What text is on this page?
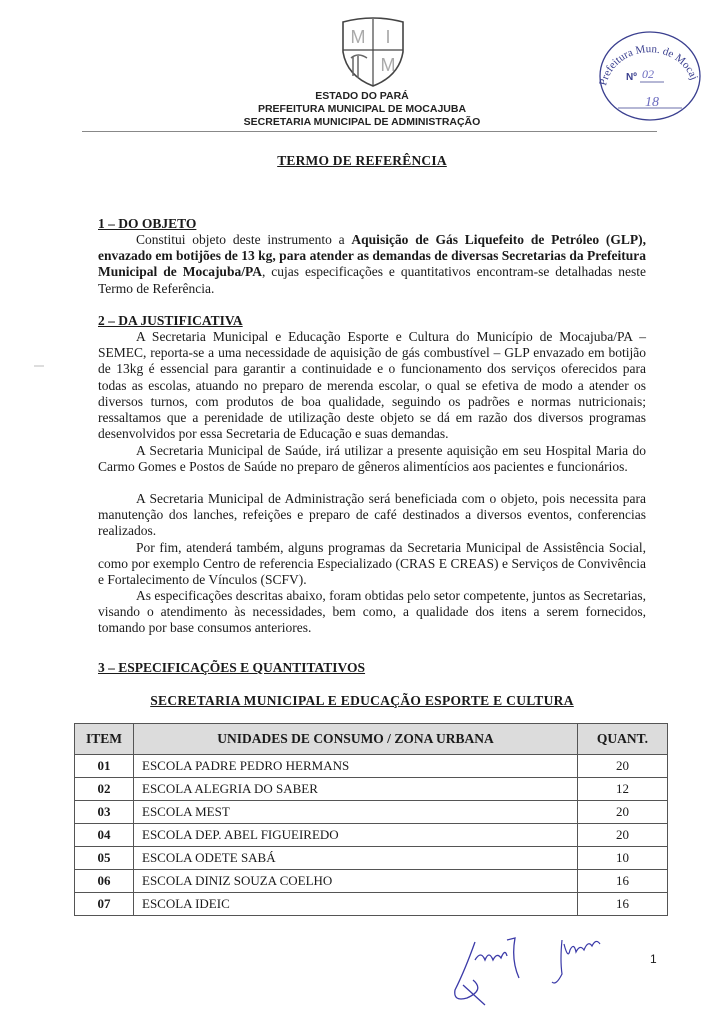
M I
M
ESTADO DO PARÁ
PREFEITURA MUNICIPAL DE MOCAJUBA
SECRETARIA MUNICIPAL DE ADMINISTRAÇÃO
Prefeitura Mun. de Mocaj
Nº 02
18
TERMO DE REFERÊNCIA
1 – DO OBJETO
Constitui objeto deste instrumento a Aquisição de Gás Liquefeito de Petróleo (GLP), envazado em botijões de 13 kg, para atender as demandas de diversas Secretarias da Prefeitura Municipal de Mocajuba/PA, cujas especificações e quantitativos encontram-se detalhadas neste Termo de Referência.
2 – DA JUSTIFICATIVA
A Secretaria Municipal e Educação Esporte e Cultura do Município de Mocajuba/PA – SEMEC, reporta-se a uma necessidade de aquisição de gás combustível – GLP envazado em botijão de 13kg é essencial para garantir a continuidade e o funcionamento dos serviços oferecidos para todas as escolas, atuando no preparo de merenda escolar, o qual se efetiva de modo a atender os diversos turnos, com produtos de boa qualidade, seguindo os padrões e normas nutricionais; ressaltamos que a perenidade de utilização deste objeto se dá em razão dos diversos programas desenvolvidos por essa Secretaria de Educação e suas demandas.
A Secretaria Municipal de Saúde, irá utilizar a presente aquisição em seu Hospital Maria do Carmo Gomes e Postos de Saúde no preparo de gêneros alimentícios aos pacientes e funcionários.
A Secretaria Municipal de Administração será beneficiada com o objeto, pois necessita para manutenção dos lanches, refeições e preparo de café destinados a diversos eventos, conferencias realizados.
Por fim, atenderá também, alguns programas da Secretaria Municipal de Assistência Social, como por exemplo Centro de referencia Especializado (CRAS E CREAS) e Serviços de Convivência e Fortalecimento de Vínculos (SCFV).
As especificações descritas abaixo, foram obtidas pelo setor competente, juntos as Secretarias, visando o atendimento às necessidades, bem como, a qualidade dos itens a serem fornecidos, tomando por base consumos anteriores.
3 – ESPECIFICAÇÕES E QUANTITATIVOS
SECRETARIA MUNICIPAL E EDUCAÇÃO ESPORTE E CULTURA
ITEM	UNIDADES DE CONSUMO / ZONA URBANA	QUANT.
01	ESCOLA PADRE PEDRO HERMANS	20
02	ESCOLA ALEGRIA DO SABER	12
03	ESCOLA MEST	20
04	ESCOLA DEP. ABEL FIGUEIREDO	20
05	ESCOLA ODETE SABÁ	10
06	ESCOLA DINIZ SOUZA COELHO	16
07	ESCOLA IDEIC	16
1
